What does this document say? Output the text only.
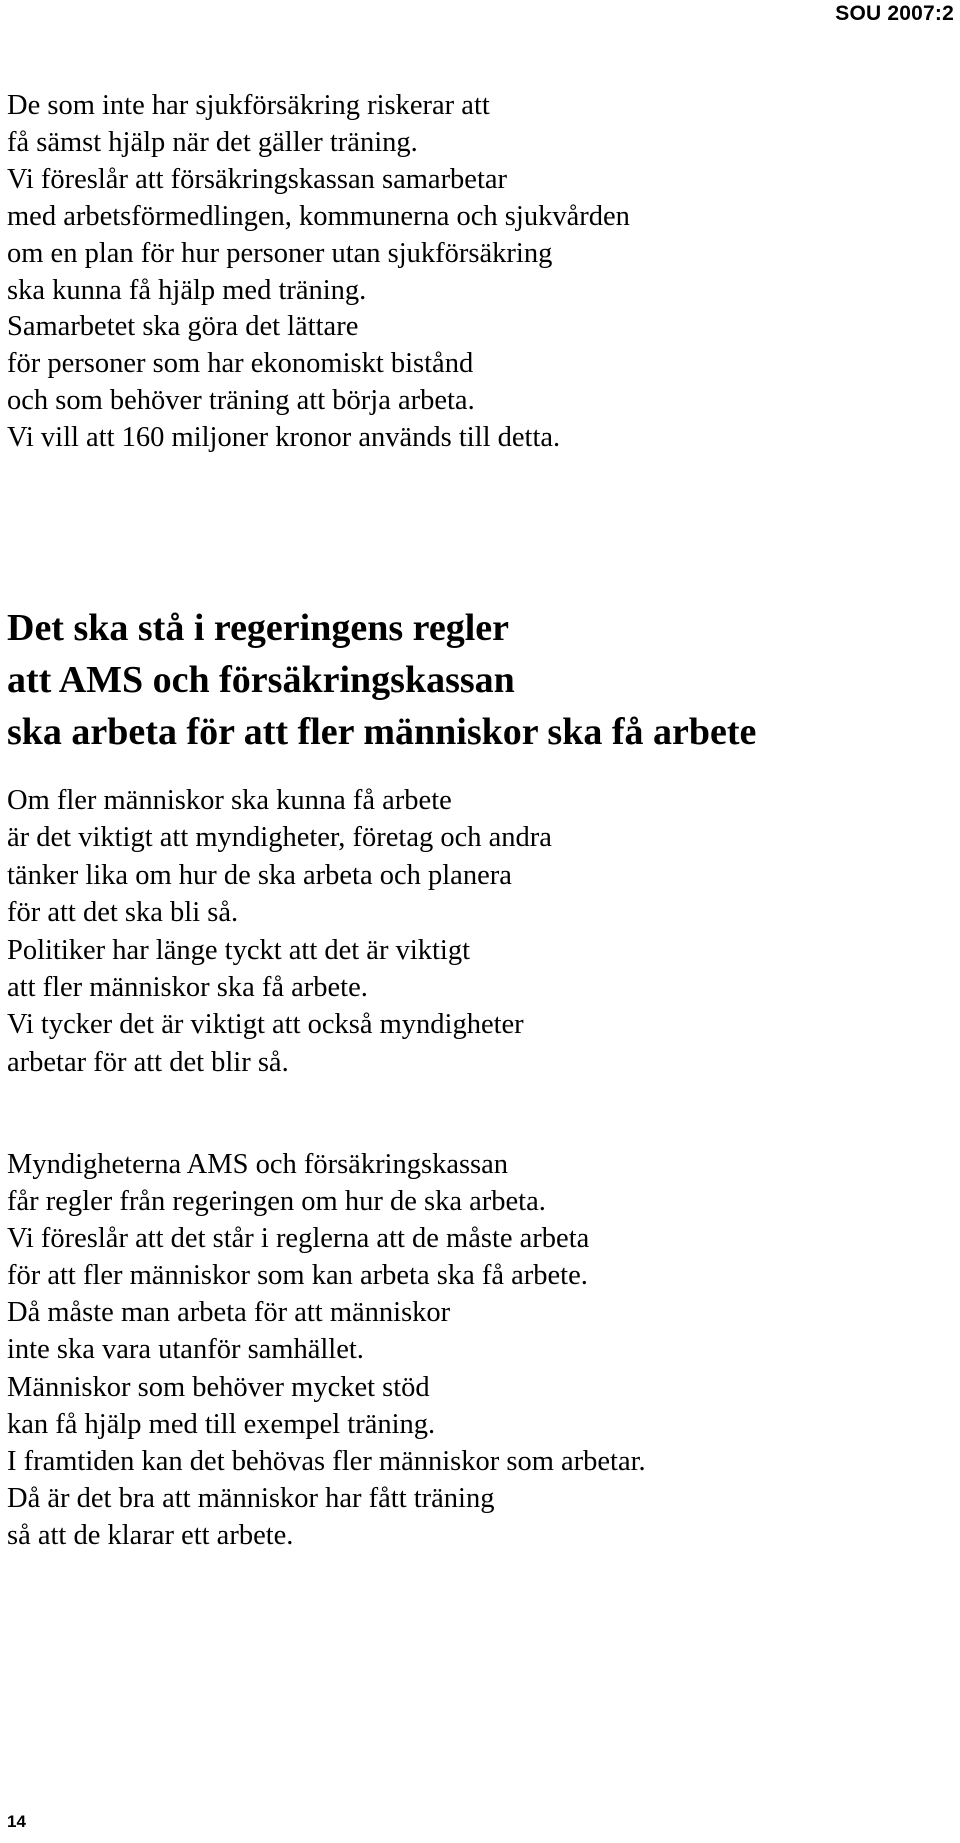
SOU 2007:2
De som inte har sjukförsäkring riskerar att
få sämst hjälp när det gäller träning.
Vi föreslår att försäkringskassan samarbetar
med arbetsförmedlingen, kommunerna och sjukvården
om en plan för hur personer utan sjukförsäkring
ska kunna få hjälp med träning.
Samarbetet ska göra det lättare
för personer som har ekonomiskt bistånd
och som behöver träning att börja arbeta.
Vi vill att 160 miljoner kronor används till detta.
Det ska stå i regeringens regler
att AMS och försäkringskassan
ska arbeta för att fler människor ska få arbete
Om fler människor ska kunna få arbete
är det viktigt att myndigheter, företag och andra
tänker lika om hur de ska arbeta och planera
för att det ska bli så.
Politiker har länge tyckt att det är viktigt
att fler människor ska få arbete.
Vi tycker det är viktigt att också myndigheter
arbetar för att det blir så.
Myndigheterna AMS och försäkringskassan
får regler från regeringen om hur de ska arbeta.
Vi föreslår att det står i reglerna att de måste arbeta
för att fler människor som kan arbeta ska få arbete.
Då måste man arbeta för att människor
inte ska vara utanför samhället.
Människor som behöver mycket stöd
kan få hjälp med till exempel träning.
I framtiden kan det behövas fler människor som arbetar.
Då är det bra att människor har fått träning
så att de klarar ett arbete.
14
